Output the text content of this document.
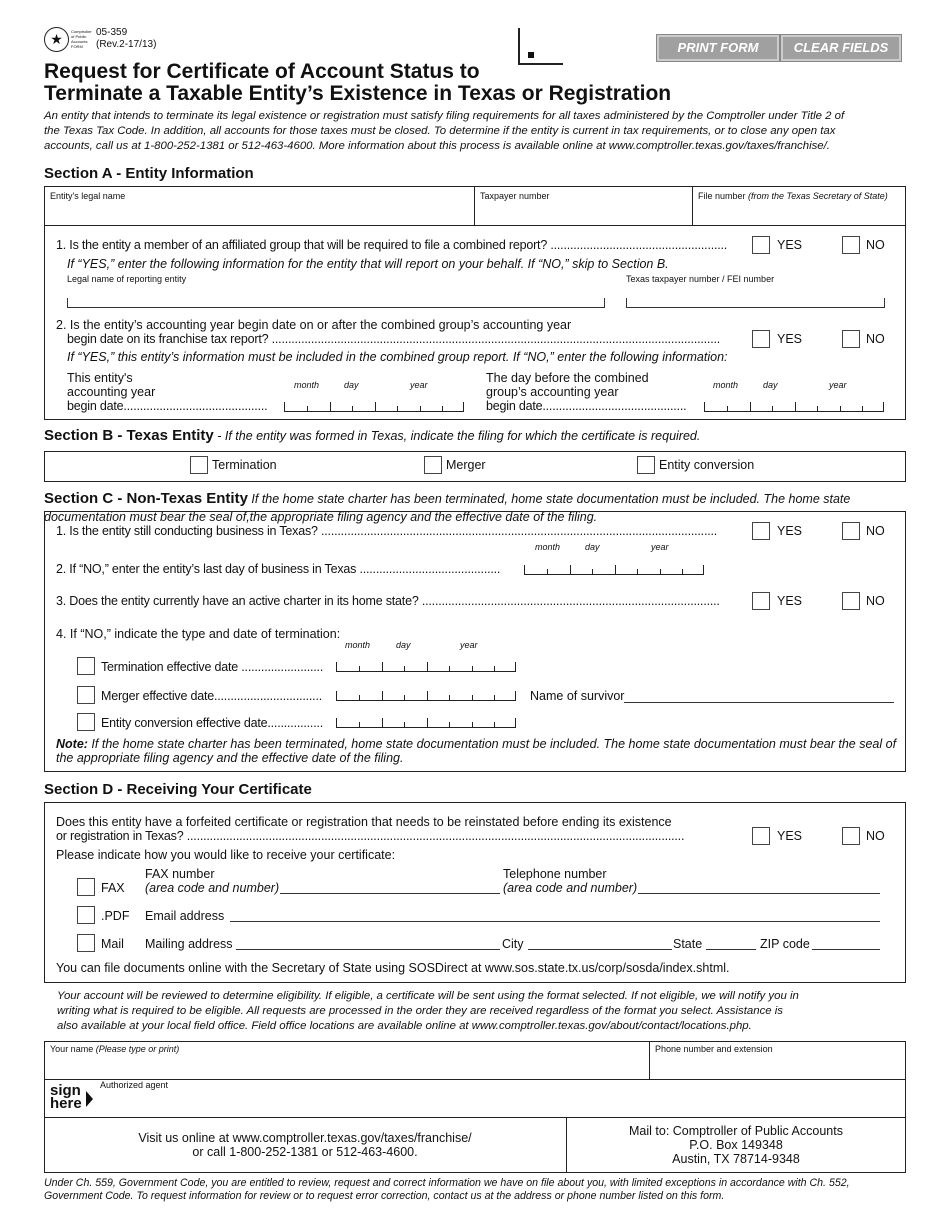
★	Comptroller of Public Accounts FORM
05-359
(Rev.2-17/13)	PRINT FORM	CLEAR FIELDS
Request for Certificate of Account Status to
Terminate a Taxable Entity’s Existence in Texas or Registration
An entity that intends to terminate its legal existence or registration must satisfy filing requirements for all taxes administered by the Comptroller under Title 2 of
the Texas Tax Code. In addition, all accounts for those taxes must be closed. To determine if the entity is current in tax requirements, or to close any open tax
accounts, call us at 1-800-252-1381 or 512-463-4600. More information about this process is available online at www.comptroller.texas.gov/taxes/franchise/.
Section A - Entity Information
Entity's legal name	Taxpayer number	File number (from the Texas Secretary of State)
1. Is the entity a member of an affiliated group that will be required to file a combined report? ......................................................	YES	NO
If “YES,” enter the following information for the entity that will report on your behalf. If “NO,” skip to Section B.
Legal name of reporting entity	Texas taxpayer number / FEI number
2. Is the entity’s accounting year begin date on or after the combined group’s accounting year
begin date on its franchise tax report? .........................................................................................................................................	YES	NO
If “YES,” this entity’s information must be included in the combined group report. If “NO,” enter the following information:
This entity's
accounting year
begin date............................................
month	day	year	The day before the combined
group’s accounting year
begin date............................................
month	day	year
Section B - Texas Entity - If the entity was formed in Texas, indicate the filing for which the certificate is required.
Termination	Merger	Entity conversion
Section C - Non-Texas Entity If the home state charter has been terminated, home state documentation must be included. The home state documentation must bear the seal of,the appropriate filing agency and the effective date of the filing.
1. Is the entity still conducting business in Texas? .........................................................................................................................	YES	NO
month	day	year
2. If “NO,” enter the entity’s last day of business in Texas ...........................................
3. Does the entity currently have an active charter in its home state? ...........................................................................................	YES	NO
4. If “NO,” indicate the type and date of termination:
month	day	year
Termination effective date .........................
Merger effective date.................................	Name of survivor
Entity conversion effective date.................
Note: If the home state charter has been terminated, home state documentation must be included. The home state documentation must bear the seal of
the appropriate filing agency and the effective date of the filing.
Section D - Receiving Your Certificate
Does this entity have a forfeited certificate or registration that needs to be reinstated before ending its existence
or registration in Texas? ........................................................................................................................................................	YES	NO
Please indicate how you would like to receive your certificate:
FAX
FAX number
(area code and number)
Telephone number
(area code and number)
.PDF Email address
Mail Mailing address	City	State	ZIP code
You can file documents online with the Secretary of State using SOSDirect at www.sos.state.tx.us/corp/sosda/index.shtml.
Your account will be reviewed to determine eligibility. If eligible, a certificate will be sent using the format selected. If not eligible, we will notify you in
writing what is required to be eligible. All requests are processed in the order they are received regardless of the format you select. Assistance is
also available at your local field office. Field office locations are available online at www.comptroller.texas.gov/about/contact/locations.php.
Your name (Please type or print)	Phone number and extension
Authorized agent
sign
here
Visit us online at www.comptroller.texas.gov/taxes/franchise/
or call 1-800-252-1381 or 512-463-4600.
Mail to: Comptroller of Public Accounts
P.O. Box 149348
Austin, TX 78714-9348
Under Ch. 559, Government Code, you are entitled to review, request and correct information we have on file about you, with limited exceptions in accordance with Ch. 552,
Government Code. To request information for review or to request error correction, contact us at the address or phone number listed on this form.
